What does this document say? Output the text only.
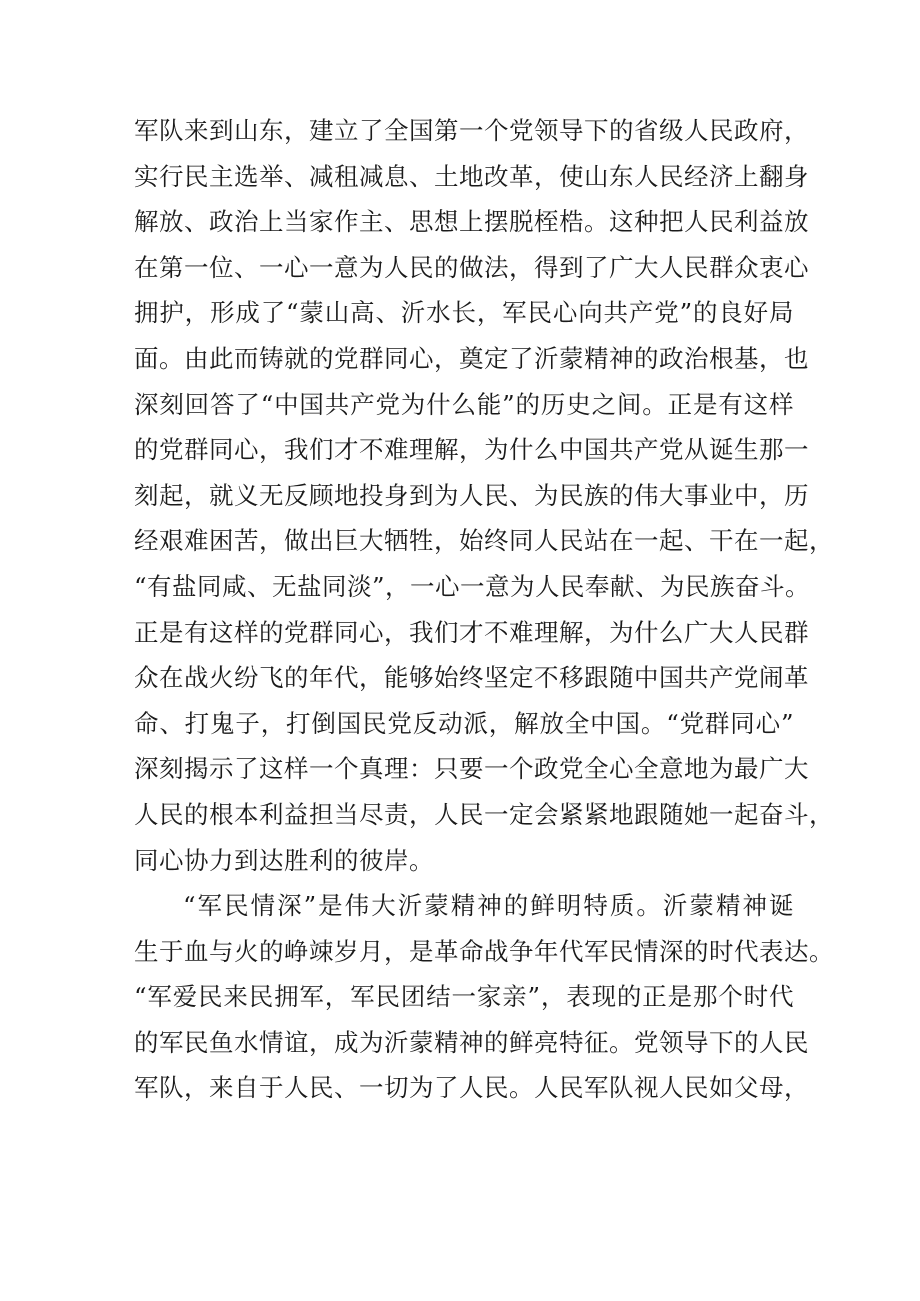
军队来到山东，建立了全国第一个党领导下的省级人民政府，
实行民主选举、减租减息、土地改革，使山东人民经济上翻身
解放、政治上当家作主、思想上摆脱桎梏。这种把人民利益放
在第一位、一心一意为人民的做法，得到了广大人民群众衷心
拥护，形成了“蒙山高、沂水长，军民心向共产党”的良好局
面。由此而铸就的党群同心，奠定了沂蒙精神的政治根基，也
深刻回答了“中国共产党为什么能”的历史之间。正是有这样
的党群同心，我们才不难理解，为什么中国共产党从诞生那一
刻起，就义无反顾地投身到为人民、为民族的伟大事业中，历
经艰难困苦，做出巨大牺牲，始终同人民站在一起、干在一起，
“有盐同咸、无盐同淡”，一心一意为人民奉献、为民族奋斗。
正是有这样的党群同心，我们才不难理解，为什么广大人民群
众在战火纷飞的年代，能够始终坚定不移跟随中国共产党闹革
命、打鬼子，打倒国民党反动派，解放全中国。“党群同心”
深刻揭示了这样一个真理：只要一个政党全心全意地为最广大
人民的根本利益担当尽责，人民一定会紧紧地跟随她一起奋斗，
同心协力到达胜利的彼岸。
“军民情深”是伟大沂蒙精神的鲜明特质。沂蒙精神诞
生于血与火的峥竦岁月，是革命战争年代军民情深的时代表达。
“军爱民来民拥军，军民团结一家亲”，表现的正是那个时代
的军民鱼水情谊，成为沂蒙精神的鲜亮特征。党领导下的人民
军队，来自于人民、一切为了人民。人民军队视人民如父母，
